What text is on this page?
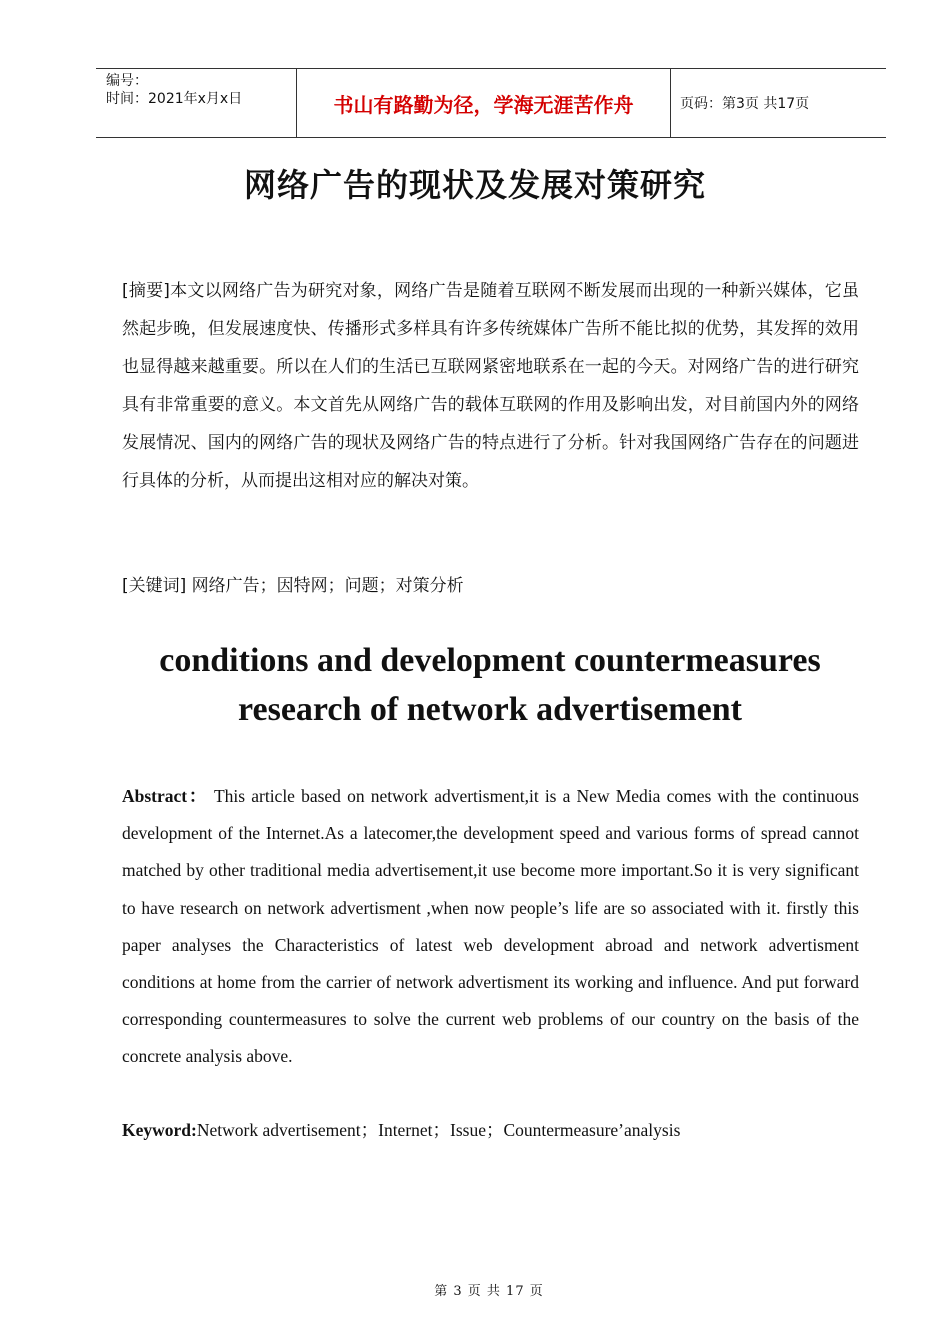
编号：
时间：2021年x月x日	书山有路勤为径，学海无涯苦作舟	页码：第3页 共17页
网络广告的现状及发展对策研究
[摘要]本文以网络广告为研究对象，网络广告是随着互联网不断发展而出现的一种新兴媒体，它虽然起步晚，但发展速度快、传播形式多样具有许多传统媒体广告所不能比拟的优势，其发挥的效用也显得越来越重要。所以在人们的生活已互联网紧密地联系在一起的今天。对网络广告的进行研究具有非常重要的意义。本文首先从网络广告的载体互联网的作用及影响出发，对目前国内外的网络发展情况、国内的网络广告的现状及网络广告的特点进行了分析。针对我国网络广告存在的问题进行具体的分析，从而提出这相对应的解决对策。
[关键词] 网络广告；因特网；问题；对策分析
conditions and development countermeasures
research of network advertisement
Abstract： This article based on network advertisment,it is a New Media comes with the continuous development of the Internet.As a latecomer,the development speed and various forms of spread cannot matched by other traditional media advertisement,it use become more important.So it is very significant to have research on network advertisment ,when now people’s life are so associated with it. firstly this paper analyses the Characteristics of latest web development abroad and network advertisment conditions at home from the carrier of network advertisment its working and influence. And put forward corresponding countermeasures to solve the current web problems of our country on the basis of the concrete analysis above.
Keyword:Network advertisement；Internet；Issue；Countermeasure’analysis
第 3 页 共 17 页
